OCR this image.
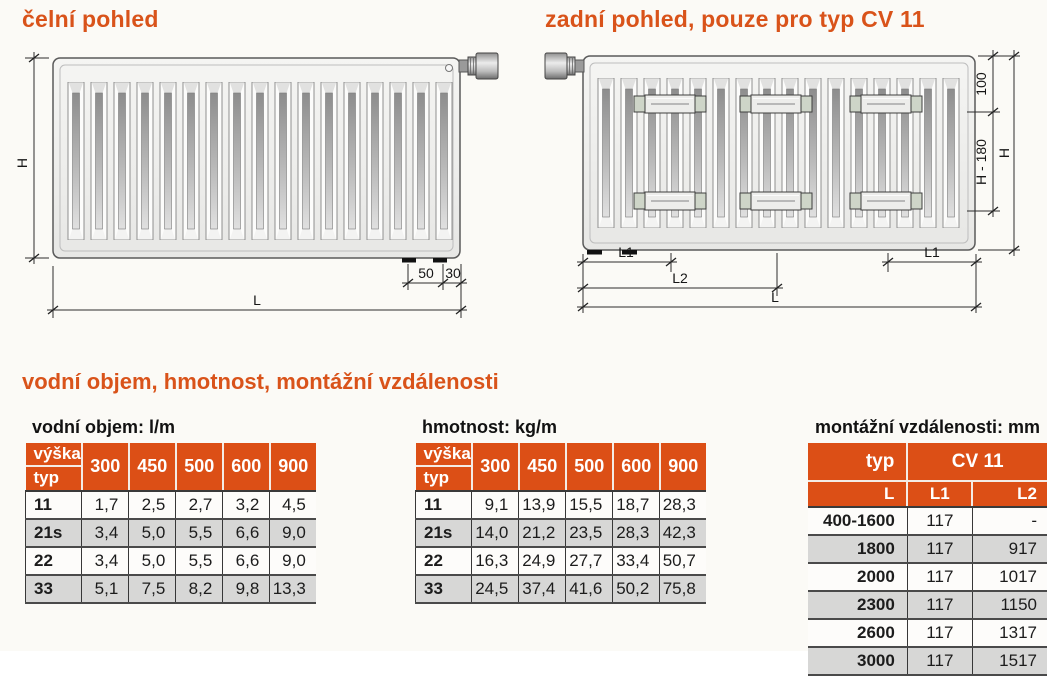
čelní pohled	zadní pohled, pouze pro typ CV 11
H
50 30
L
100
H - 180 H
L1	L1
L2
L
vodní objem, hmotnost, montážní vzdálenosti

vodní objem: l/m

výška
typ	300	450	500	600	900
11	1,7	2,5	2,7	3,2	4,5
21s	3,4	5,0	5,5	6,6	9,0
22	3,4	5,0	5,5	6,6	9,0
33	5,1	7,5	8,2	9,8	13,3

hmotnost: kg/m

výška
typ	300	450	500	600	900
11	9,1	13,9	15,5	18,7	28,3
21s	14,0	21,2	23,5	28,3	42,3
22	16,3	24,9	27,7	33,4	50,7
33	24,5	37,4	41,6	50,2	75,8

montážní vzdálenosti: mm

typ	CV 11	
L	L1	L2
400-1600	117	-
1800	117	917
2000	117	1017
2300	117	1150
2600	117	1317
3000	117	1517
